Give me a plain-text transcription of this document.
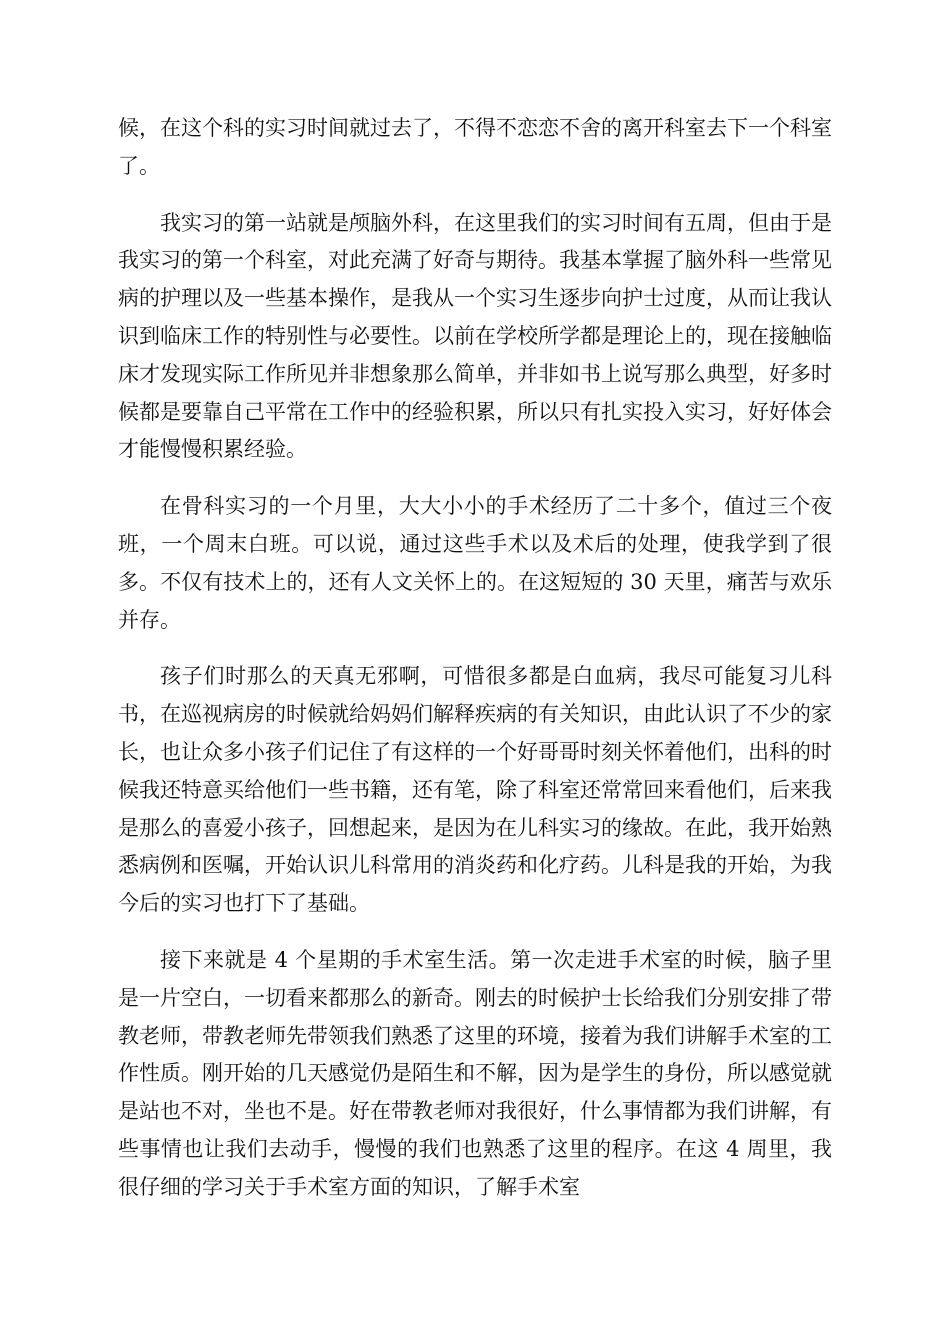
候，在这个科的实习时间就过去了，不得不恋恋不舍的离开科室去下一个科室了。

我实习的第一站就是颅脑外科，在这里我们的实习时间有五周，但由于是我实习的第一个科室，对此充满了好奇与期待。我基本掌握了脑外科一些常见病的护理以及一些基本操作，是我从一个实习生逐步向护士过度，从而让我认识到临床工作的特别性与必要性。以前在学校所学都是理论上的，现在接触临床才发现实际工作所见并非想象那么简单，并非如书上说写那么典型，好多时候都是要靠自己平常在工作中的经验积累，所以只有扎实投入实习，好好体会才能慢慢积累经验。

在骨科实习的一个月里，大大小小的手术经历了二十多个，值过三个夜班，一个周末白班。可以说，通过这些手术以及术后的处理，使我学到了很多。不仅有技术上的，还有人文关怀上的。在这短短的 30 天里，痛苦与欢乐并存。

孩子们时那么的天真无邪啊，可惜很多都是白血病，我尽可能复习儿科书，在巡视病房的时候就给妈妈们解释疾病的有关知识，由此认识了不少的家长，也让众多小孩子们记住了有这样的一个好哥哥时刻关怀着他们，出科的时候我还特意买给他们一些书籍，还有笔，除了科室还常常回来看他们，后来我是那么的喜爱小孩子，回想起来，是因为在儿科实习的缘故。在此，我开始熟悉病例和医嘱，开始认识儿科常用的消炎药和化疗药。儿科是我的开始，为我今后的实习也打下了基础。

接下来就是 4 个星期的手术室生活。第一次走进手术室的时候，脑子里是一片空白，一切看来都那么的新奇。刚去的时候护士长给我们分别安排了带教老师，带教老师先带领我们熟悉了这里的环境，接着为我们讲解手术室的工作性质。刚开始的几天感觉仍是陌生和不解，因为是学生的身份，所以感觉就是站也不对，坐也不是。好在带教老师对我很好，什么事情都为我们讲解，有些事情也让我们去动手，慢慢的我们也熟悉了这里的程序。在这 4 周里，我很仔细的学习关于手术室方面的知识，了解手术室
